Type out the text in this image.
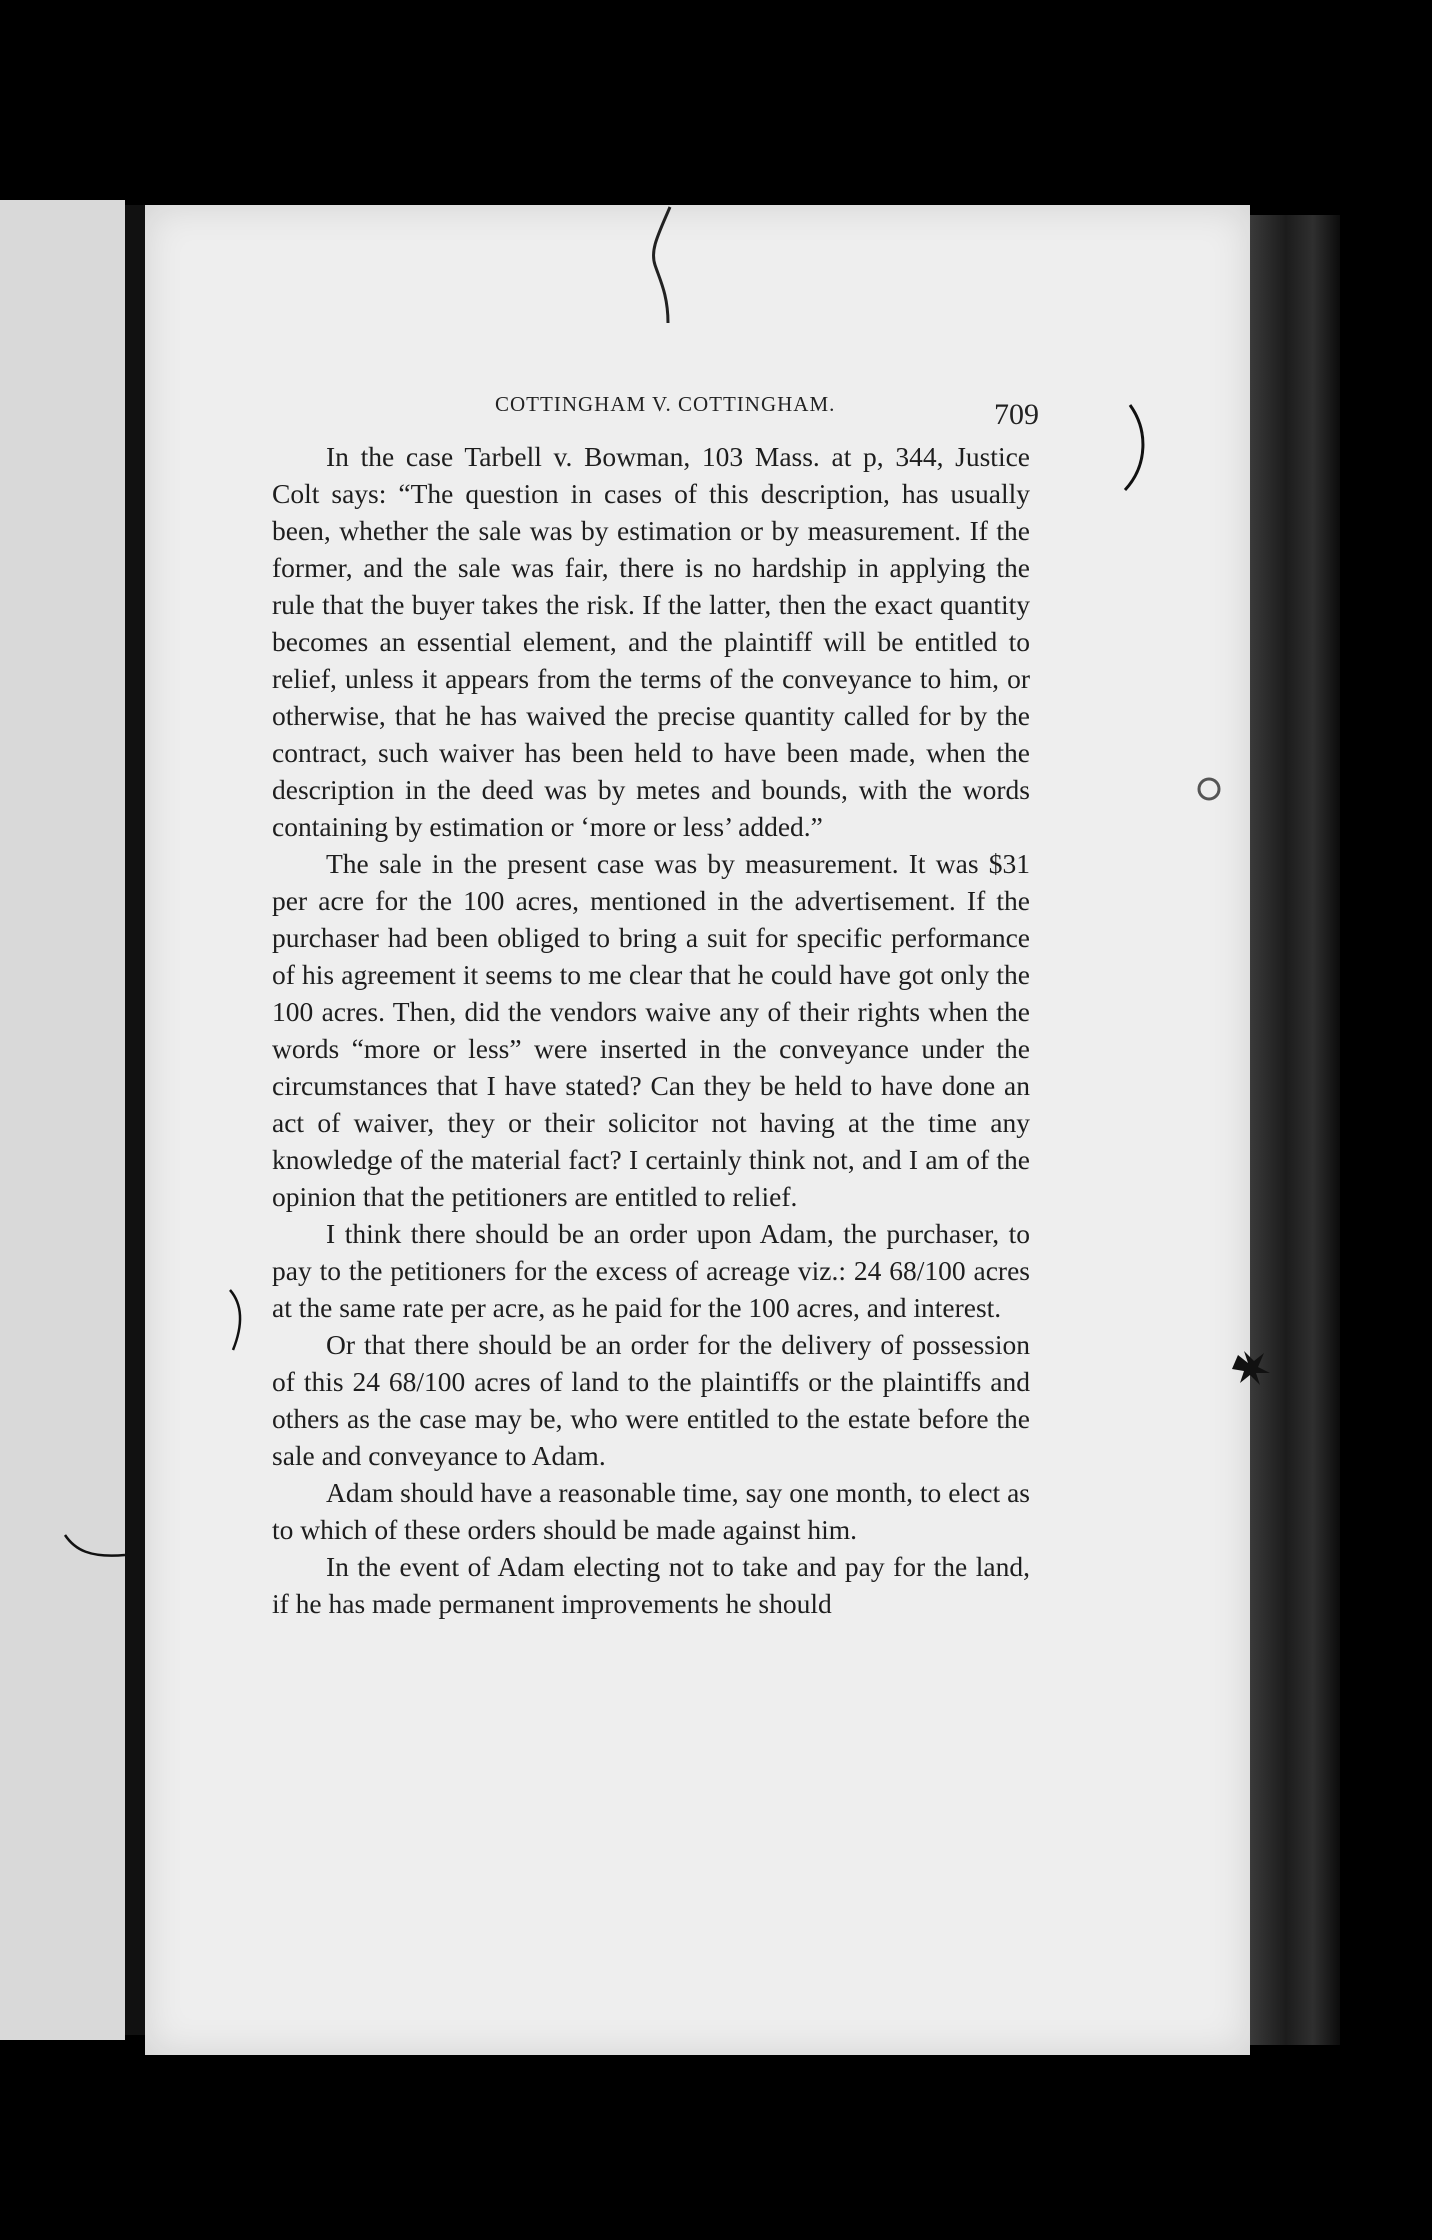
COTTINGHAM V. COTTINGHAM.	709

In the case Tarbell v. Bowman, 103 Mass. at p, 344, Justice Colt says: “The question in cases of this description, has usually been, whether the sale was by estimation or by measurement. If the former, and the sale was fair, there is no hardship in applying the rule that the buyer takes the risk. If the latter, then the exact quantity becomes an essential element, and the plaintiff will be entitled to relief, unless it appears from the terms of the conveyance to him, or otherwise, that he has waived the precise quantity called for by the contract, such waiver has been held to have been made, when the description in the deed was by metes and bounds, with the words containing by estimation or ‘more or less’ added.”

The sale in the present case was by measurement. It was $31 per acre for the 100 acres, mentioned in the advertisement. If the purchaser had been obliged to bring a suit for specific performance of his agreement it seems to me clear that he could have got only the 100 acres. Then, did the vendors waive any of their rights when the words “more or less” were inserted in the conveyance under the circumstances that I have stated? Can they be held to have done an act of waiver, they or their solicitor not having at the time any knowledge of the material fact? I certainly think not, and I am of the opinion that the petitioners are entitled to relief.

I think there should be an order upon Adam, the purchaser, to pay to the petitioners for the excess of acreage viz.: 24 68/100 acres at the same rate per acre, as he paid for the 100 acres, and interest.

Or that there should be an order for the delivery of possession of this 24 68/100 acres of land to the plaintiffs or the plaintiffs and others as the case may be, who were entitled to the estate before the sale and conveyance to Adam.

Adam should have a reasonable time, say one month, to elect as to which of these orders should be made against him.

In the event of Adam electing not to take and pay for the land, if he has made permanent improvements he should
